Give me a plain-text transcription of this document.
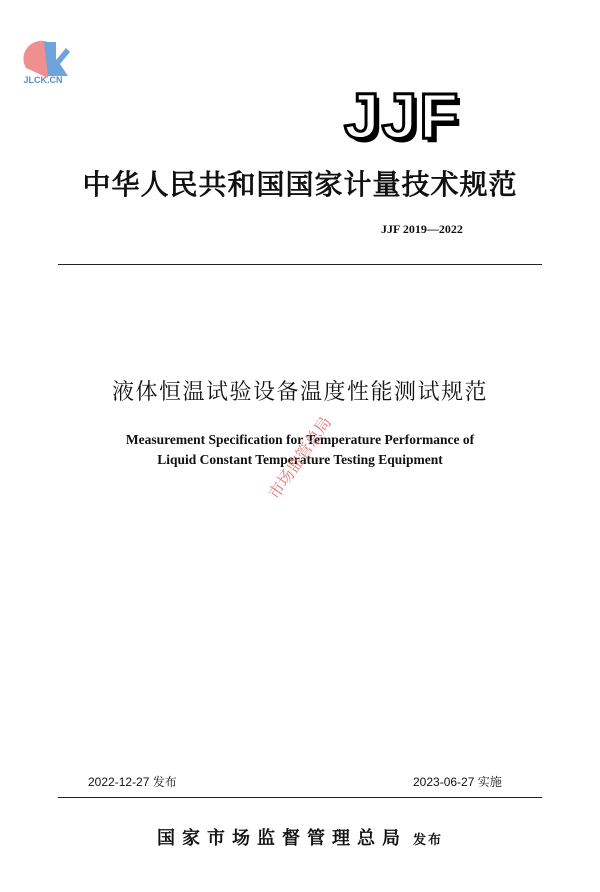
JLCK.CN	JJF
中华人民共和国国家计量技术规范
JJF 2019—2022
液体恒温试验设备温度性能测试规范
Measurement Specification for Temperature Performance of
Liquid Constant Temperature Testing Equipment
市场监管总局
2022-12-27 发布	2023-06-27 实施
国家市场监督管理总局 发布
